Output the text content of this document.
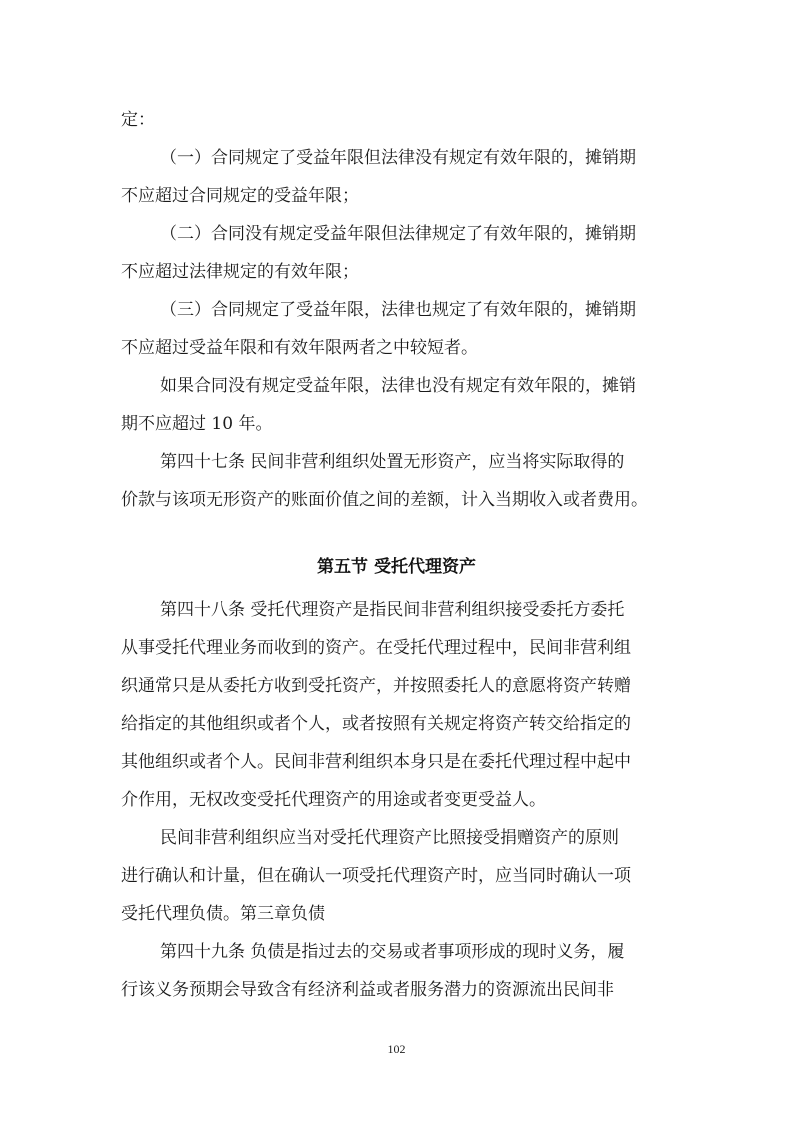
定：
（一）合同规定了受益年限但法律没有规定有效年限的，摊销期
不应超过合同规定的受益年限；
（二）合同没有规定受益年限但法律规定了有效年限的，摊销期
不应超过法律规定的有效年限；
（三）合同规定了受益年限，法律也规定了有效年限的，摊销期
不应超过受益年限和有效年限两者之中较短者。
如果合同没有规定受益年限，法律也没有规定有效年限的，摊销
期不应超过 10 年。
第四十七条 民间非营利组织处置无形资产，应当将实际取得的
价款与该项无形资产的账面价值之间的差额，计入当期收入或者费用。
第五节 受托代理资产
第四十八条 受托代理资产是指民间非营利组织接受委托方委托
从事受托代理业务而收到的资产。在受托代理过程中，民间非营利组
织通常只是从委托方收到受托资产，并按照委托人的意愿将资产转赠
给指定的其他组织或者个人，或者按照有关规定将资产转交给指定的
其他组织或者个人。民间非营利组织本身只是在委托代理过程中起中
介作用，无权改变受托代理资产的用途或者变更受益人。
民间非营利组织应当对受托代理资产比照接受捐赠资产的原则
进行确认和计量，但在确认一项受托代理资产时，应当同时确认一项
受托代理负债。第三章负债
第四十九条 负债是指过去的交易或者事项形成的现时义务，履
行该义务预期会导致含有经济利益或者服务潜力的资源流出民间非
102
